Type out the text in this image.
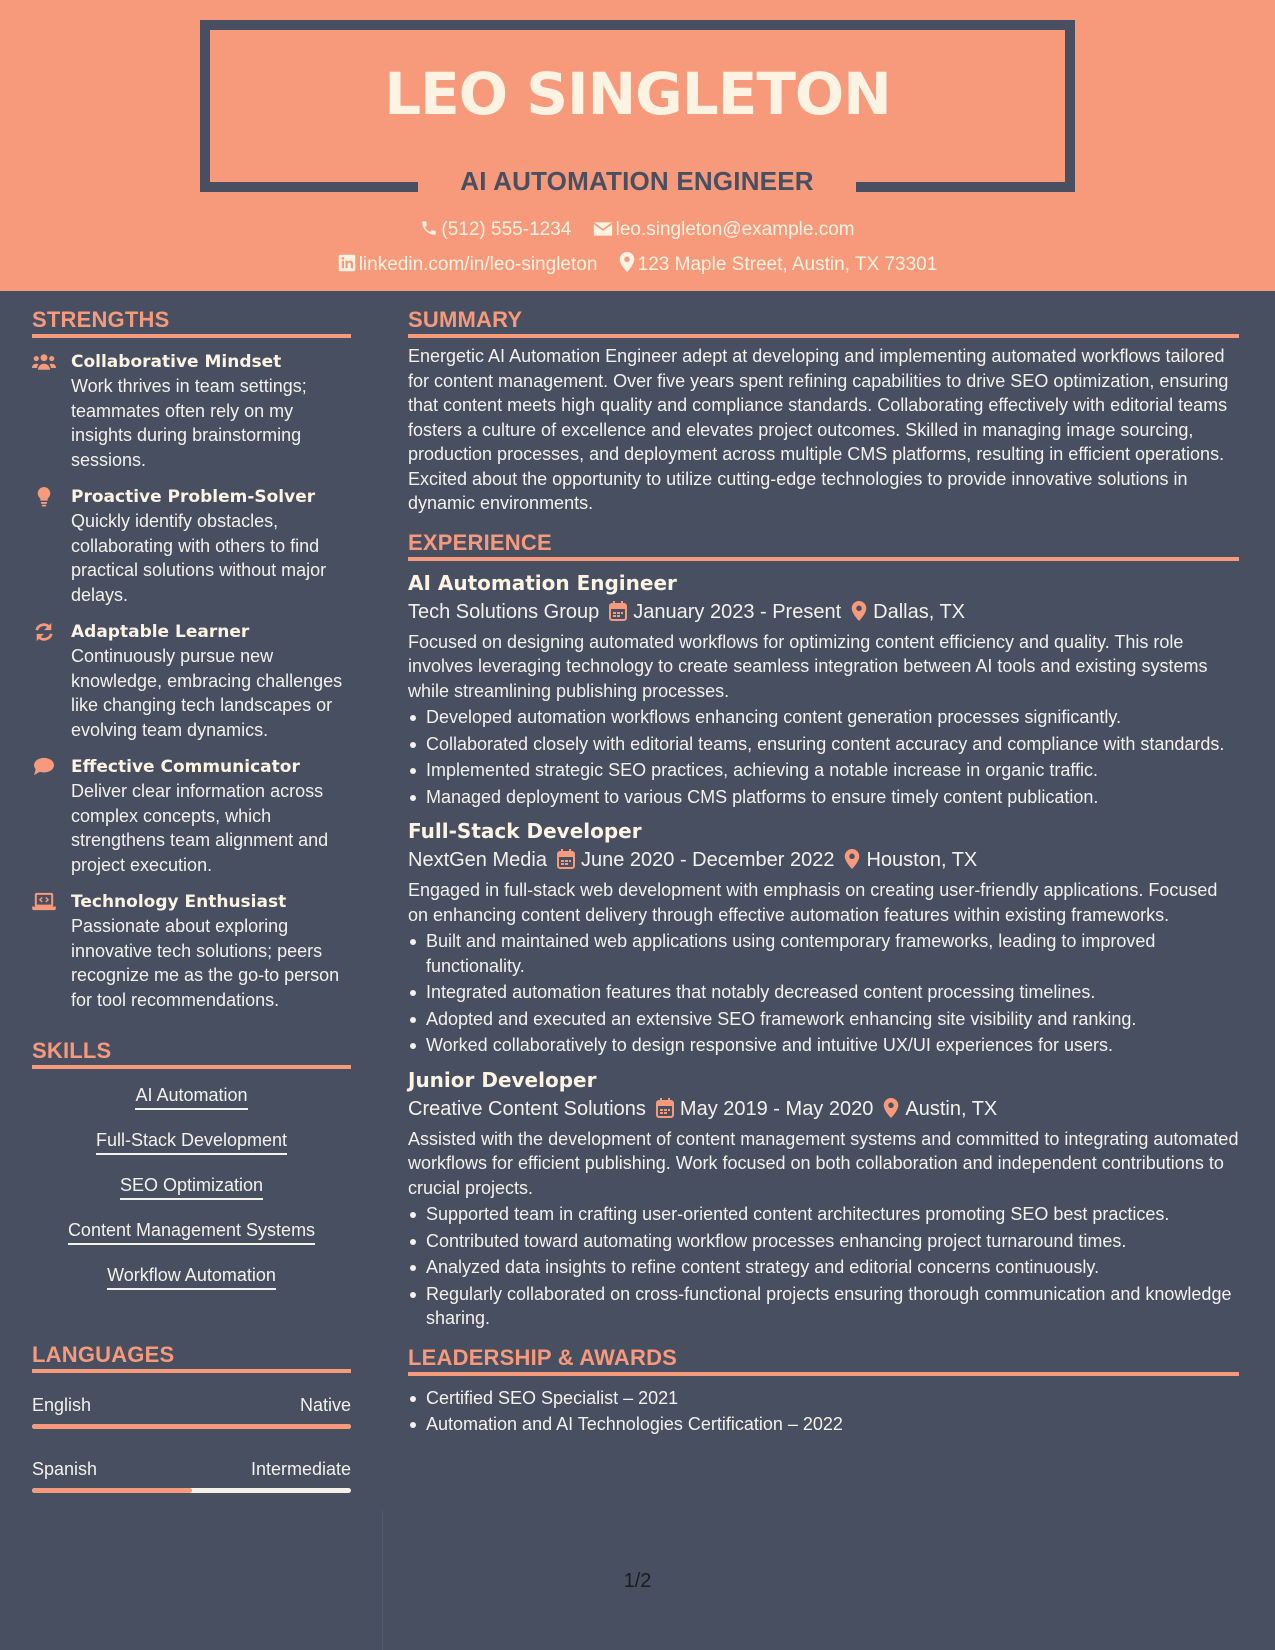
LEO SINGLETON
AI AUTOMATION ENGINEER
(512) 555-1234 leo.singleton@example.com
linkedin.com/in/leo-singleton 123 Maple Street, Austin, TX 73301
STRENGTHS
Collaborative Mindset
Work thrives in team settings; teammates often rely on my insights during brainstorming sessions.
Proactive Problem-Solver
Quickly identify obstacles, collaborating with others to find practical solutions without major delays.
Adaptable Learner
Continuously pursue new knowledge, embracing challenges like changing tech landscapes or evolving team dynamics.
Effective Communicator
Deliver clear information across complex concepts, which strengthens team alignment and project execution.
Technology Enthusiast
Passionate about exploring innovative tech solutions; peers recognize me as the go-to person for tool recommendations.
SKILLS
AI Automation
Full-Stack Development
SEO Optimization
Content Management Systems
Workflow Automation
LANGUAGES
English	Native
Spanish	Intermediate
SUMMARY
Energetic AI Automation Engineer adept at developing and implementing automated workflows tailored for content management. Over five years spent refining capabilities to drive SEO optimization, ensuring that content meets high quality and compliance standards. Collaborating effectively with editorial teams fosters a culture of excellence and elevates project outcomes. Skilled in managing image sourcing, production processes, and deployment across multiple CMS platforms, resulting in efficient operations. Excited about the opportunity to utilize cutting-edge technologies to provide innovative solutions in dynamic environments.
EXPERIENCE
AI Automation Engineer
Tech Solutions Group January 2023 - Present Dallas, TX
Focused on designing automated workflows for optimizing content efficiency and quality. This role involves leveraging technology to create seamless integration between AI tools and existing systems while streamlining publishing processes.
Developed automation workflows enhancing content generation processes significantly.
Collaborated closely with editorial teams, ensuring content accuracy and compliance with standards.
Implemented strategic SEO practices, achieving a notable increase in organic traffic.
Managed deployment to various CMS platforms to ensure timely content publication.
Full-Stack Developer
NextGen Media June 2020 - December 2022 Houston, TX
Engaged in full-stack web development with emphasis on creating user-friendly applications. Focused on enhancing content delivery through effective automation features within existing frameworks.
Built and maintained web applications using contemporary frameworks, leading to improved functionality.
Integrated automation features that notably decreased content processing timelines.
Adopted and executed an extensive SEO framework enhancing site visibility and ranking.
Worked collaboratively to design responsive and intuitive UX/UI experiences for users.
Junior Developer
Creative Content Solutions May 2019 - May 2020 Austin, TX
Assisted with the development of content management systems and committed to integrating automated workflows for efficient publishing. Work focused on both collaboration and independent contributions to crucial projects.
Supported team in crafting user-oriented content architectures promoting SEO best practices.
Contributed toward automating workflow processes enhancing project turnaround times.
Analyzed data insights to refine content strategy and editorial concerns continuously.
Regularly collaborated on cross-functional projects ensuring thorough communication and knowledge sharing.
LEADERSHIP & AWARDS
Certified SEO Specialist – 2021
Automation and AI Technologies Certification – 2022
1/2
